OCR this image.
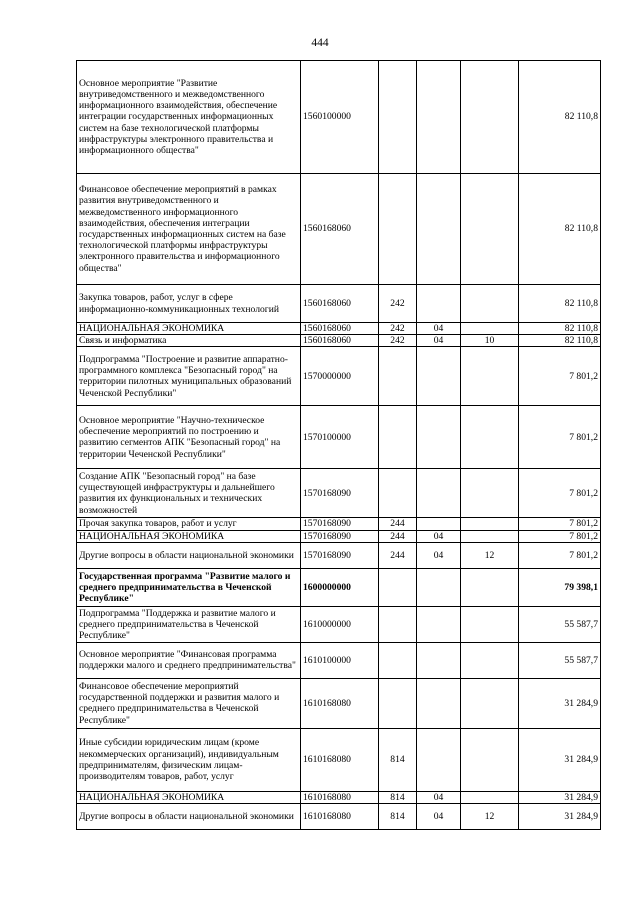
444
Основное мероприятие "Развитие внутриведомственного и межведомственного информационного взаимодействия, обеспечение интеграции государственных информационных систем на базе технологической платформы инфраструктуры электронного правительства и информационного общества"	1560100000				82 110,8
Финансовое обеспечение мероприятий в рамках развития внутриведомственного и межведомственного информационного взаимодействия, обеспечения интеграции государственных информационных систем на базе технологической платформы инфраструктуры электронного правительства и информационного общества"	1560168060				82 110,8
Закупка товаров, работ, услуг в сфере информационно-коммуникационных технологий	1560168060	242			82 110,8
НАЦИОНАЛЬНАЯ ЭКОНОМИКА	1560168060	242	04		82 110,8
Связь и информатика	1560168060	242	04	10	82 110,8
Подпрограмма "Построение и развитие аппаратно-программного комплекса "Безопасный город" на территории пилотных муниципальных образований Чеченской Республики"	1570000000				7 801,2
Основное мероприятие "Научно-техническое обеспечение мероприятий по построению и развитию сегментов АПК "Безопасный город" на территории Чеченской Республики"	1570100000				7 801,2
Создание АПК "Безопасный город" на базе существующей инфраструктуры и дальнейшего развития их функциональных и технических возможностей	1570168090				7 801,2
Прочая закупка товаров, работ и услуг	1570168090	244			7 801,2
НАЦИОНАЛЬНАЯ ЭКОНОМИКА	1570168090	244	04		7 801,2
Другие вопросы в области национальной экономики	1570168090	244	04	12	7 801,2
Государственная программа "Развитие малого и среднего предпринимательства в Чеченской Республике"	1600000000				79 398,1
Подпрограмма "Поддержка и развитие малого и среднего предпринимательства в Чеченской Республике"	1610000000				55 587,7
Основное мероприятие "Финансовая программа поддержки малого и среднего предпринимательства"	1610100000				55 587,7
Финансовое обеспечение мероприятий государственной поддержки и развития малого и среднего предпринимательства в Чеченской Республике"	1610168080				31 284,9
Иные субсидии юридическим лицам (кроме некоммерческих организаций), индивидуальным предпринимателям, физическим лицам-производителям товаров, работ, услуг	1610168080	814			31 284,9
НАЦИОНАЛЬНАЯ ЭКОНОМИКА	1610168080	814	04		31 284,9
Другие вопросы в области национальной экономики	1610168080	814	04	12	31 284,9
